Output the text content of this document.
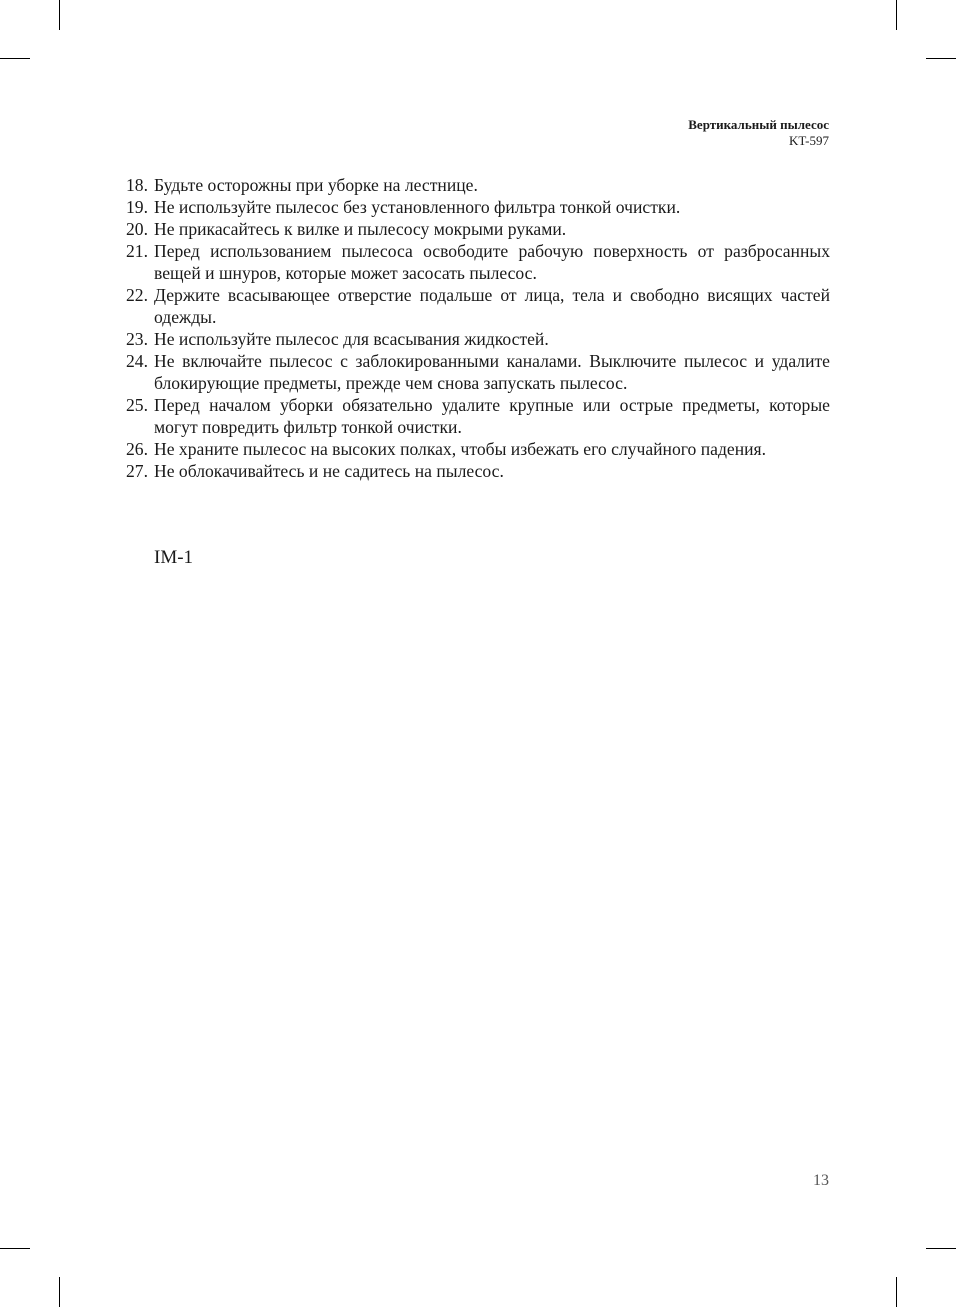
Вертикальный пылесос
KT-597
18. Будьте осторожны при уборке на лестнице.
19. Не используйте пылесос без установленного фильтра тонкой очистки.
20. Не прикасайтесь к вилке и пылесосу мокрыми руками.
21. Перед использованием пылесоса освободите рабочую поверхность от разбросанных вещей и шнуров, которые может засосать пылесос.
22. Держите всасывающее отверстие подальше от лица, тела и свободно висящих частей одежды.
23. Не используйте пылесос для всасывания жидкостей.
24. Не включайте пылесос с заблокированными каналами. Выключите пылесос и удалите блокирующие предметы, прежде чем снова запускать пылесос.
25. Перед началом уборки обязательно удалите крупные или острые предметы, которые могут повредить фильтр тонкой очистки.
26. Не храните пылесос на высоких полках, чтобы избежать его случайного падения.
27. Не облокачивайтесь и не садитесь на пылесос.
IM-1
13
